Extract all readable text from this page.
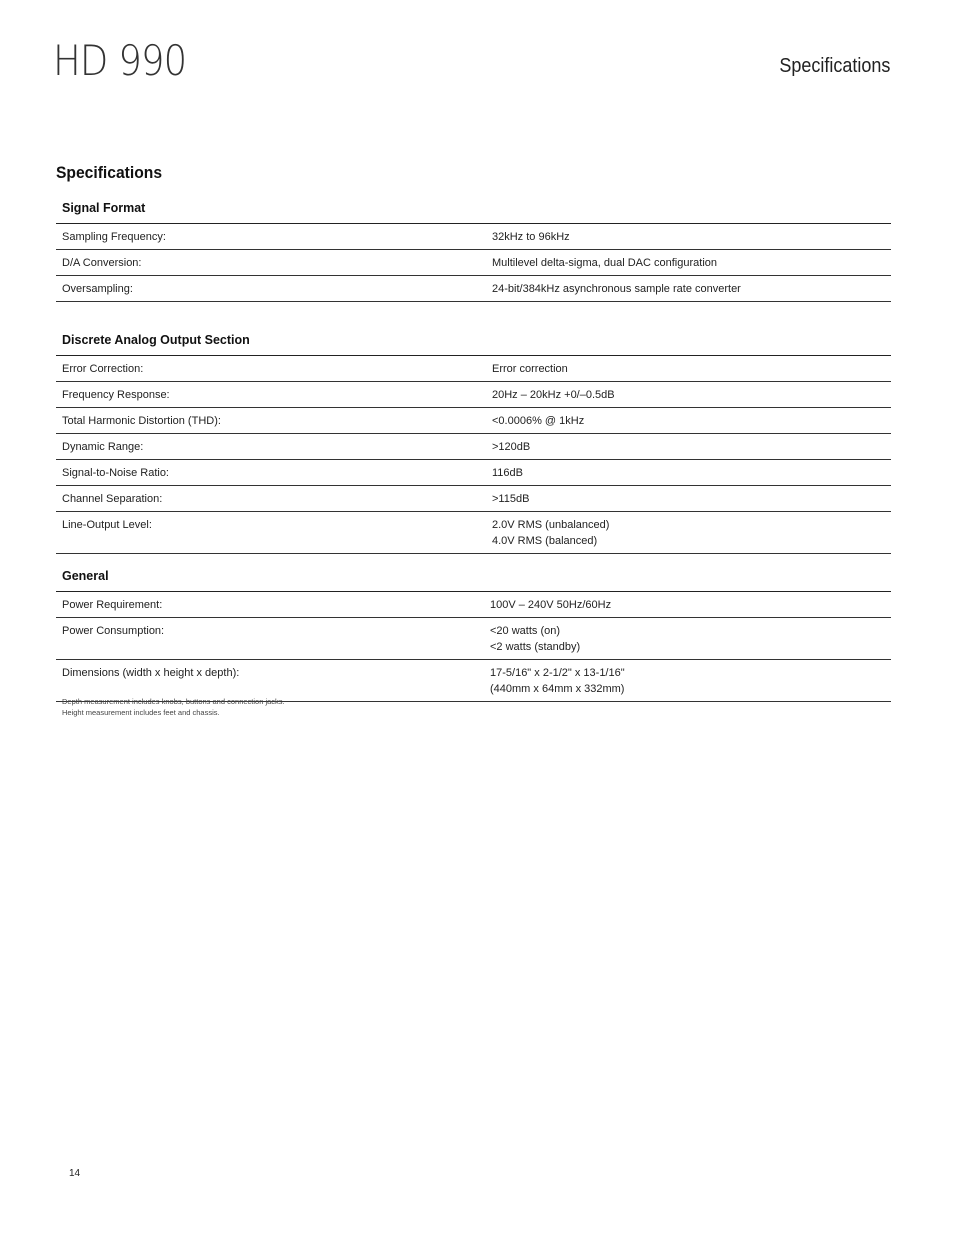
HD 990	Specifications
Specifications
Signal Format
Sampling Frequency:	32kHz to 96kHz
D/A Conversion:	Multilevel delta-sigma, dual DAC configuration
Oversampling:	24-bit/384kHz asynchronous sample rate converter
Discrete Analog Output Section
Error Correction:	Error correction
Frequency Response:	20Hz – 20kHz +0/–0.5dB
Total Harmonic Distortion (THD):	<0.0006% @ 1kHz
Dynamic Range:	>120dB
Signal-to-Noise Ratio:	116dB
Channel Separation:	>115dB
Line-Output Level:	2.0V RMS (unbalanced)
4.0V RMS (balanced)
General
Power Requirement:	100V – 240V 50Hz/60Hz
Power Consumption:	<20 watts (on)
<2 watts (standby)

Dimensions (width x height x depth):	17-5/16" x 2-1/2" x 13-1/16"
(440mm x 64mm x 332mm)
Depth measurement includes knobs, buttons and connection jacks.
Height measurement includes feet and chassis.
14
